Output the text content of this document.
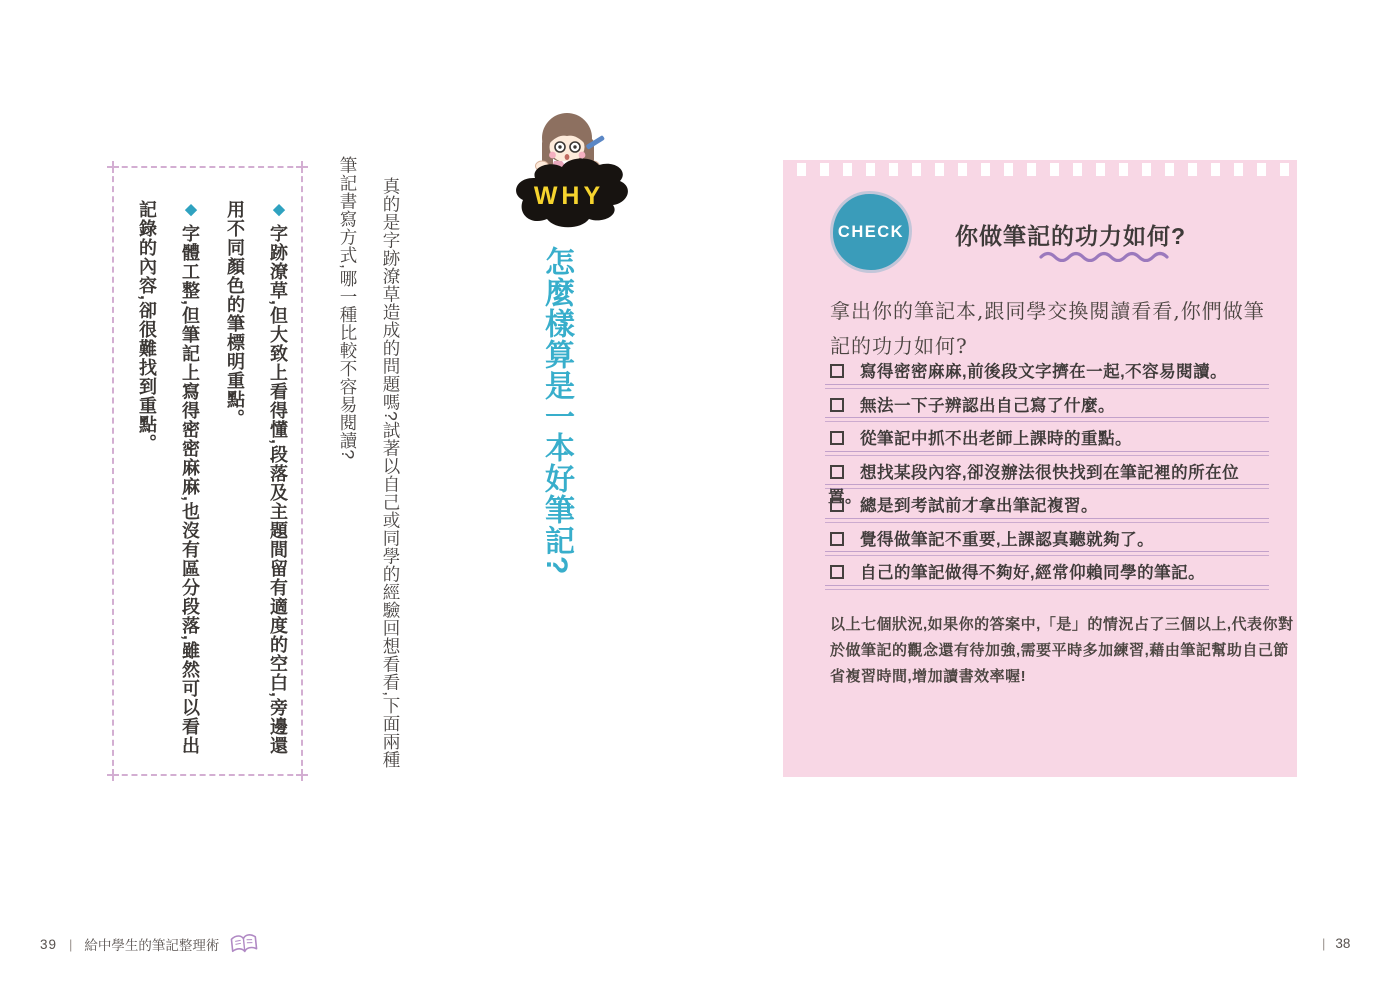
◆字跡潦草,但大致上看得懂,段落及主題間留有適度的空白,旁邊還用不同顏色的筆標明重點。
◆字體工整,但筆記上寫得密密麻麻,也沒有區分段落,雖然可以看出記錄的內容,卻很難找到重點。	真的是字跡潦草造成的問題嗎?試著以自己或同學的經驗回想看看,下面兩種筆記書寫方式,哪一種比較不容易閱讀?	WHY
怎麼樣算是一本好筆記?
CHECK 你做筆記的功力如何?
拿出你的筆記本,跟同學交換閱讀看看,你們做筆記的功力如何?
寫得密密麻麻,前後段文字擠在一起,不容易閱讀。
無法一下子辨認出自己寫了什麼。
從筆記中抓不出老師上課時的重點。
想找某段內容,卻沒辦法很快找到在筆記裡的所在位置。
總是到考試前才拿出筆記複習。
覺得做筆記不重要,上課認真聽就夠了。
自己的筆記做得不夠好,經常仰賴同學的筆記。
以上七個狀況,如果你的答案中,「是」的情況占了三個以上,代表你對於做筆記的觀念還有待加強,需要平時多加練習,藉由筆記幫助自己節省複習時間,增加讀書效率喔!
39 | 給中學生的筆記整理術	| 38
